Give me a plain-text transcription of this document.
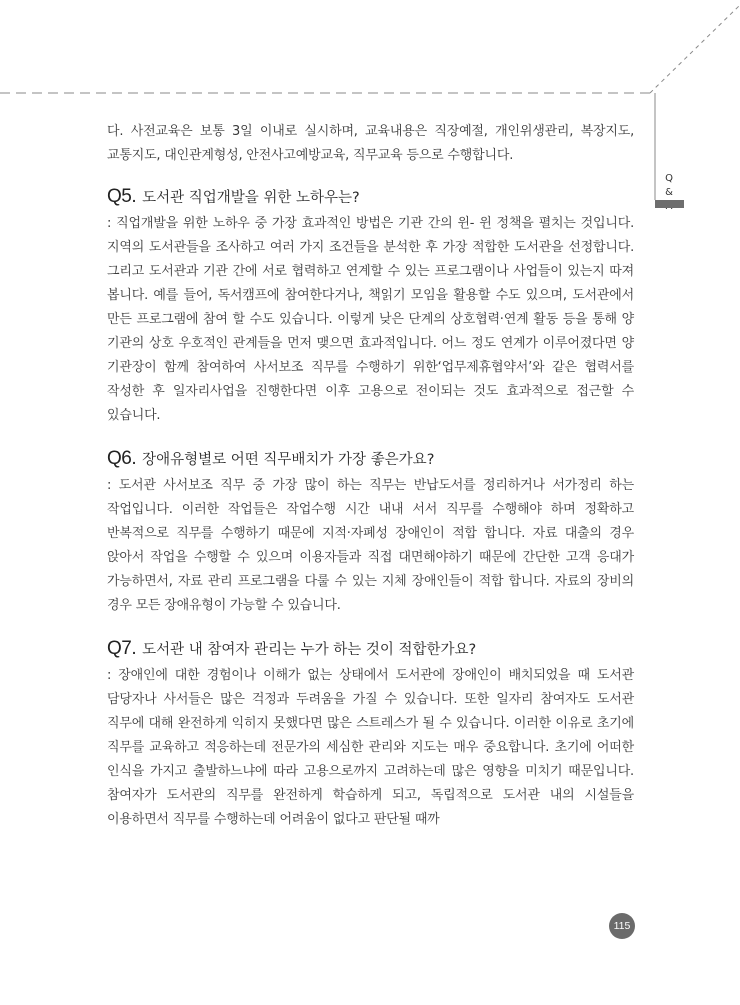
Q
&

다. 사전교육은 보통 3일 이내로 실시하며, 교육내용은 직장예절, 개인위생관리, 복장지도, 교통지도, 대인관계형성, 안전사고예방교육, 직무교육 등으로 수행합니다.

Q5. 도서관 직업개발을 위한 노하우는?

: 직업개발을 위한 노하우 중 가장 효과적인 방법은 기관 간의 윈- 윈 정책을 펼치는 것입니다. 지역의 도서관들을 조사하고 여러 가지 조건들을 분석한 후 가장 적합한 도서관을 선정합니다. 그리고 도서관과 기관 간에 서로 협력하고 연계할 수 있는 프로그램이나 사업들이 있는지 따져 봅니다. 예를 들어, 독서캠프에 참여한다거나, 책읽기 모임을 활용할 수도 있으며, 도서관에서 만든 프로그램에 참여 할 수도 있습니다. 이렇게 낮은 단계의 상호협력·연계 활동 등을 통해 양 기관의 상호 우호적인 관계들을 먼저 맺으면 효과적입니다. 어느 정도 연계가 이루어졌다면 양 기관장이 함께 참여하여 사서보조 직무를 수행하기 위한‘업무제휴협약서’와 같은 협력서를 작성한 후 일자리사업을 진행한다면 이후 고용으로 전이되는 것도 효과적으로 접근할 수 있습니다.

Q6. 장애유형별로 어떤 직무배치가 가장 좋은가요?

: 도서관 사서보조 직무 중 가장 많이 하는 직무는 반납도서를 정리하거나 서가정리 하는 작업입니다. 이러한 작업들은 작업수행 시간 내내 서서 직무를 수행해야 하며 정확하고 반복적으로 직무를 수행하기 때문에 지적·자폐성 장애인이 적합 합니다. 자료 대출의 경우 앉아서 작업을 수행할 수 있으며 이용자들과 직접 대면해야하기 때문에 간단한 고객 응대가 가능하면서, 자료 관리 프로그램을 다룰 수 있는 지체 장애인들이 적합 합니다. 자료의 장비의 경우 모든 장애유형이 가능할 수 있습니다.

Q7. 도서관 내 참여자 관리는 누가 하는 것이 적합한가요?

: 장애인에 대한 경험이나 이해가 없는 상태에서 도서관에 장애인이 배치되었을 때 도서관 담당자나 사서들은 많은 걱정과 두려움을 가질 수 있습니다. 또한 일자리 참여자도 도서관 직무에 대해 완전하게 익히지 못했다면 많은 스트레스가 될 수 있습니다. 이러한 이유로 초기에 직무를 교육하고 적응하는데 전문가의 세심한 관리와 지도는 매우 중요합니다. 초기에 어떠한 인식을 가지고 출발하느냐에 따라 고용으로까지 고려하는데 많은 영향을 미치기 때문입니다. 참여자가 도서관의 직무를 완전하게 학습하게 되고, 독립적으로 도서관 내의 시설들을 이용하면서 직무를 수행하는데 어려움이 없다고 판단될 때까

115
